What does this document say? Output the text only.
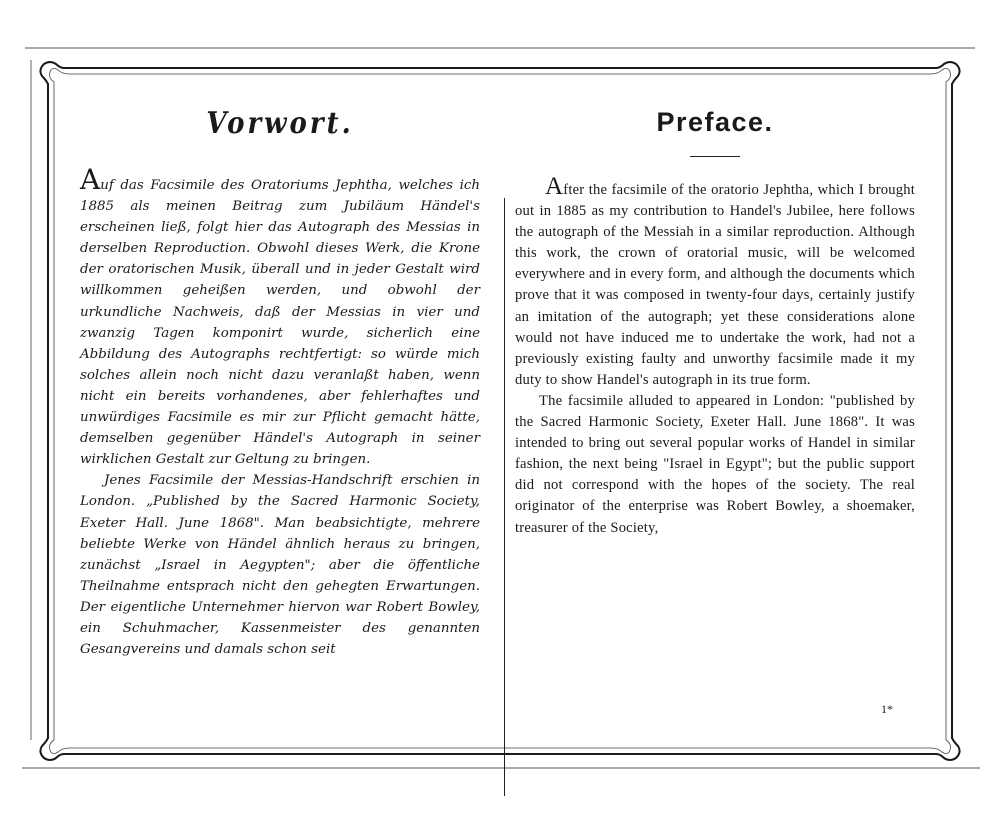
Vorwort.

Auf das Facsimile des Oratoriums Jephtha, welches ich 1885 als meinen Beitrag zum Jubiläum Händel's erscheinen ließ, folgt hier das Autograph des Messias in derselben Reproduction. Obwohl dieses Werk, die Krone der oratorischen Musik, überall und in jeder Gestalt wird willkommen geheißen werden, und obwohl der urkundliche Nachweis, daß der Messias in vier und zwanzig Tagen komponirt wurde, sicherlich eine Abbildung des Autographs rechtfertigt: so würde mich solches allein noch nicht dazu veranlaßt haben, wenn nicht ein bereits vorhandenes, aber fehlerhaftes und unwürdiges Facsimile es mir zur Pflicht gemacht hätte, demselben gegenüber Händel's Autograph in seiner wirklichen Gestalt zur Geltung zu bringen.

Jenes Facsimile der Messias-Handschrift erschien in London. „Published by the Sacred Harmonic Society, Exeter Hall. June 1868". Man beabsichtigte, mehrere beliebte Werke von Händel ähnlich heraus zu bringen, zunächst „Israel in Aegypten"; aber die öffentliche Theilnahme entsprach nicht den gehegten Erwartungen. Der eigentliche Unternehmer hiervon war Robert Bowley, ein Schuhmacher, Kassenmeister des genannten Gesangvereins und damals schon seit

Preface.

After the facsimile of the oratorio Jephtha, which I brought out in 1885 as my contribution to Handel's Jubilee, here follows the autograph of the Messiah in a similar reproduction. Although this work, the crown of oratorial music, will be welcomed everywhere and in every form, and although the documents which prove that it was composed in twenty-four days, certainly justify an imitation of the autograph; yet these considerations alone would not have induced me to undertake the work, had not a previously existing faulty and unworthy facsimile made it my duty to show Handel's autograph in its true form.

The facsimile alluded to appeared in London: "published by the Sacred Harmonic Society, Exeter Hall. June 1868". It was intended to bring out several popular works of Handel in similar fashion, the next being "Israel in Egypt"; but the public support did not correspond with the hopes of the society. The real originator of the enterprise was Robert Bowley, a shoemaker, treasurer of the Society,

1*
